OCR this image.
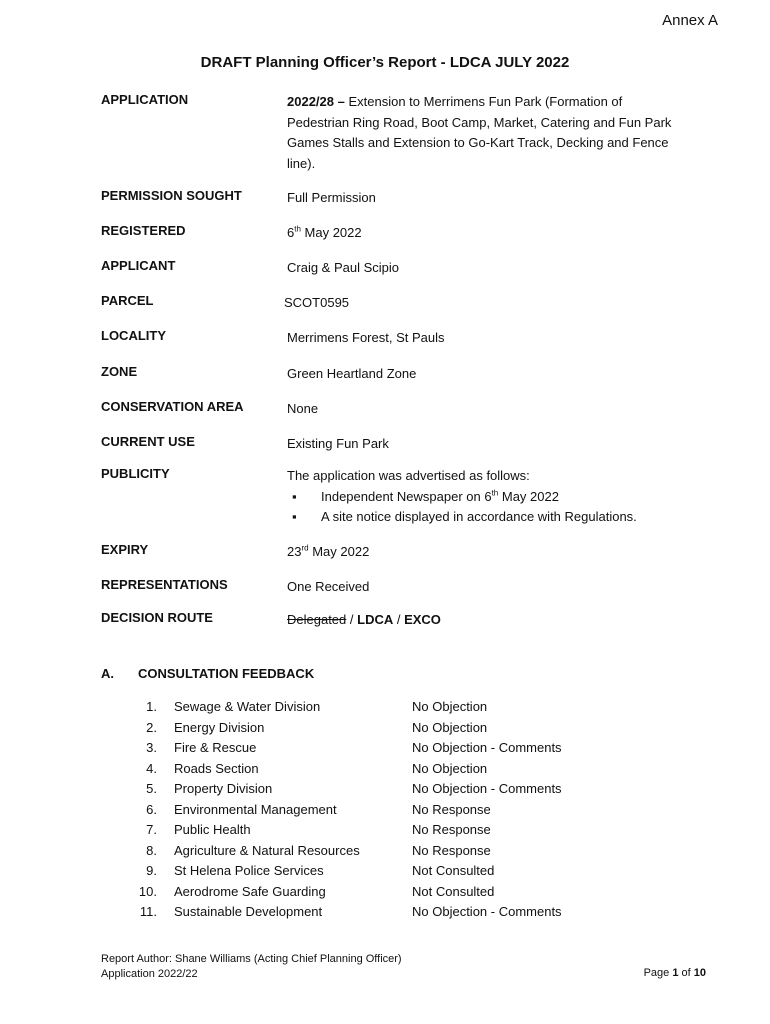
Annex A
DRAFT Planning Officer’s Report - LDCA JULY 2022
APPLICATION	2022/28 – Extension to Merrimens Fun Park (Formation of Pedestrian Ring Road, Boot Camp, Market, Catering and Fun Park Games Stalls and Extension to Go-Kart Track, Decking and Fence line).
PERMISSION SOUGHT	Full Permission
REGISTERED	6th May 2022
APPLICANT	Craig & Paul Scipio
PARCEL	SCOT0595
LOCALITY	Merrimens Forest, St Pauls
ZONE	Green Heartland Zone
CONSERVATION AREA	None
CURRENT USE	Existing Fun Park
PUBLICITY	The application was advertised as follows:
▪ Independent Newspaper on 6th May 2022
▪ A site notice displayed in accordance with Regulations.
EXPIRY	23rd May 2022
REPRESENTATIONS	One Received
DECISION ROUTE	Delegated / LDCA / EXCO
A. CONSULTATION FEEDBACK
1. Sewage & Water Division	No Objection
2. Energy Division	No Objection
3. Fire & Rescue	No Objection - Comments
4. Roads Section	No Objection
5. Property Division	No Objection - Comments
6. Environmental Management	No Response
7. Public Health	No Response
8. Agriculture & Natural Resources	No Response
9. St Helena Police Services	Not Consulted
10. Aerodrome Safe Guarding	Not Consulted
11. Sustainable Development	No Objection - Comments
Report Author: Shane Williams (Acting Chief Planning Officer)
Application 2022/22	Page 1 of 10
